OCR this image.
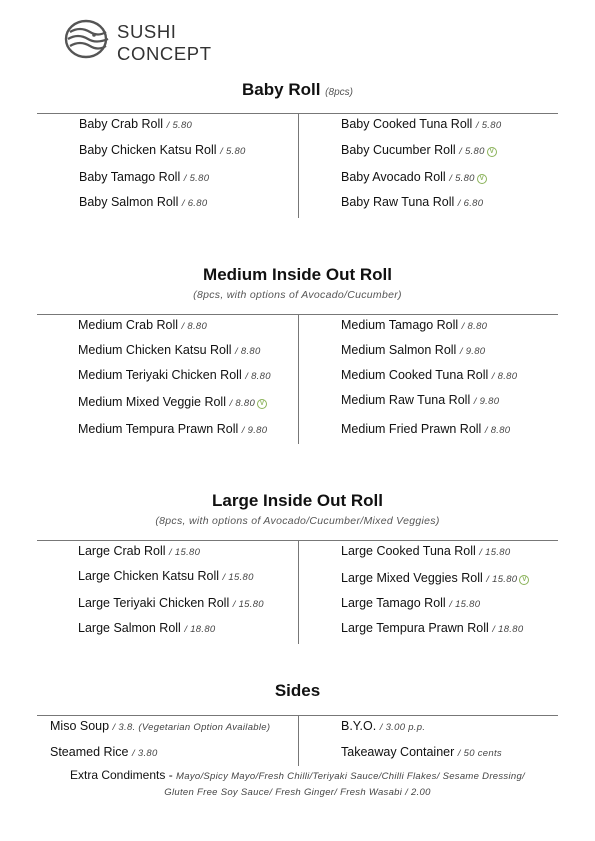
SUSHI
CONCEPT
Baby Roll (8pcs)
Baby Crab Roll / 5.80
Baby Chicken Katsu Roll / 5.80
Baby Tamago Roll / 5.80
Baby Salmon Roll / 6.80
Baby Cooked Tuna Roll / 5.80
Baby Cucumber Roll / 5.80 V
Baby Avocado Roll / 5.80 V
Baby Raw Tuna Roll / 6.80
Medium Inside Out Roll
(8pcs, with options of Avocado/Cucumber)
Medium Crab Roll / 8.80
Medium Chicken Katsu Roll / 8.80
Medium Teriyaki Chicken Roll / 8.80
Medium Mixed Veggie Roll / 8.80 V
Medium Tempura Prawn Roll / 9.80
Medium Tamago Roll / 8.80
Medium Salmon Roll / 9.80
Medium Cooked Tuna Roll / 8.80
Medium Raw Tuna Roll / 9.80
Medium Fried Prawn Roll / 8.80
Large Inside Out Roll
(8pcs, with options of Avocado/Cucumber/Mixed Veggies)
Large Crab Roll / 15.80
Large Chicken Katsu Roll / 15.80
Large Teriyaki Chicken Roll / 15.80
Large Salmon Roll / 18.80
Large Cooked Tuna Roll / 15.80
Large Mixed Veggies Roll / 15.80 V
Large Tamago Roll / 15.80
Large Tempura Prawn Roll / 18.80
Sides
Miso Soup / 3.8. (Vegetarian Option Available)
Steamed Rice / 3.80
B.Y.O. / 3.00 p.p.
Takeaway Container / 50 cents
Extra Condiments - Mayo/Spicy Mayo/Fresh Chilli/Teriyaki Sauce/Chilli Flakes/ Sesame Dressing/
Gluten Free Soy Sauce/ Fresh Ginger/ Fresh Wasabi / 2.00
